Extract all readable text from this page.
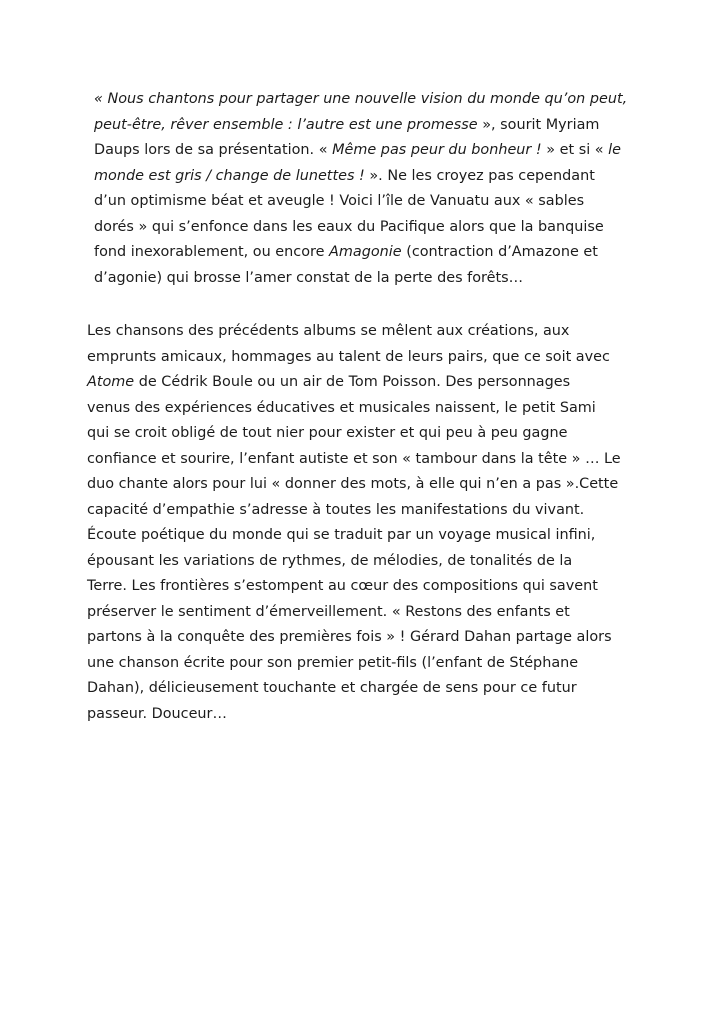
« Nous chantons pour partager une nouvelle vision du monde qu’on peut,
peut-être, rêver ensemble : l’autre est une promesse », sourit Myriam
Daups lors de sa présentation. « Même pas peur du bonheur ! » et si « le
monde est gris / change de lunettes ! ». Ne les croyez pas cependant
d’un optimisme béat et aveugle ! Voici l’île de Vanuatu aux « sables
dorés » qui s’enfonce dans les eaux du Pacifique alors que la banquise
fond inexorablement, ou encore Amagonie (contraction d’Amazone et
d’agonie) qui brosse l’amer constat de la perte des forêts…

Les chansons des précédents albums se mêlent aux créations, aux
emprunts amicaux, hommages au talent de leurs pairs, que ce soit avec
Atome de Cédrik Boule ou un air de Tom Poisson. Des personnages
venus des expériences éducatives et musicales naissent, le petit Sami
qui se croit obligé de tout nier pour exister et qui peu à peu gagne
confiance et sourire, l’enfant autiste et son « tambour dans la tête » … Le
duo chante alors pour lui « donner des mots, à elle qui n’en a pas ».Cette
capacité d’empathie s’adresse à toutes les manifestations du vivant.
Écoute poétique du monde qui se traduit par un voyage musical infini,
épousant les variations de rythmes, de mélodies, de tonalités de la
Terre. Les frontières s’estompent au cœur des compositions qui savent
préserver le sentiment d’émerveillement. « Restons des enfants et
partons à la conquête des premières fois » ! Gérard Dahan partage alors
une chanson écrite pour son premier petit-fils (l’enfant de Stéphane
Dahan), délicieusement touchante et chargée de sens pour ce futur
passeur. Douceur…
